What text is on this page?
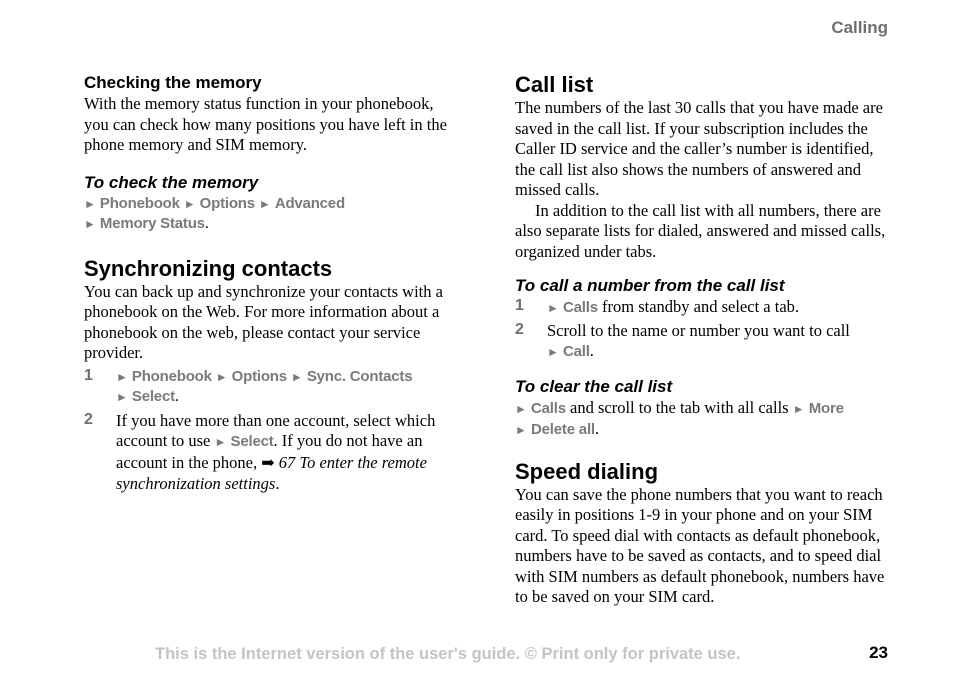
Calling
Checking the memory

With the memory status function in your phonebook, you can check how many positions you have left in the phone memory and SIM memory.

To check the memory

► Phonebook ► Options ► Advanced
► Memory Status.

Synchronizing contacts

You can back up and synchronize your contacts with a phonebook on the Web. For more information about a phonebook on the web, please contact your service provider.

1 ► Phonebook ► Options ► Sync. Contacts
► Select.

2 If you have more than one account, select which account to use ► Select. If you do not have an account in the phone, ➡ 67 To enter the remote synchronization settings.

Call list

The numbers of the last 30 calls that you have made are saved in the call list. If your subscription includes the Caller ID service and the caller’s number is identified, the call list also shows the numbers of answered and missed calls.

In addition to the call list with all numbers, there are also separate lists for dialed, answered and missed calls, organized under tabs.

To call a number from the call list
1 ► Calls from standby and select a tab.

2 Scroll to the name or number you want to call
► Call.

To clear the call list

► Calls and scroll to the tab with all calls ► More
► Delete all.

Speed dialing

You can save the phone numbers that you want to reach easily in positions 1-9 in your phone and on your SIM card. To speed dial with contacts as default phonebook, numbers have to be saved as contacts, and to speed dial with SIM numbers as default phonebook, numbers have to be saved on your SIM card.

This is the Internet version of the user's guide. © Print only for private use.	23
